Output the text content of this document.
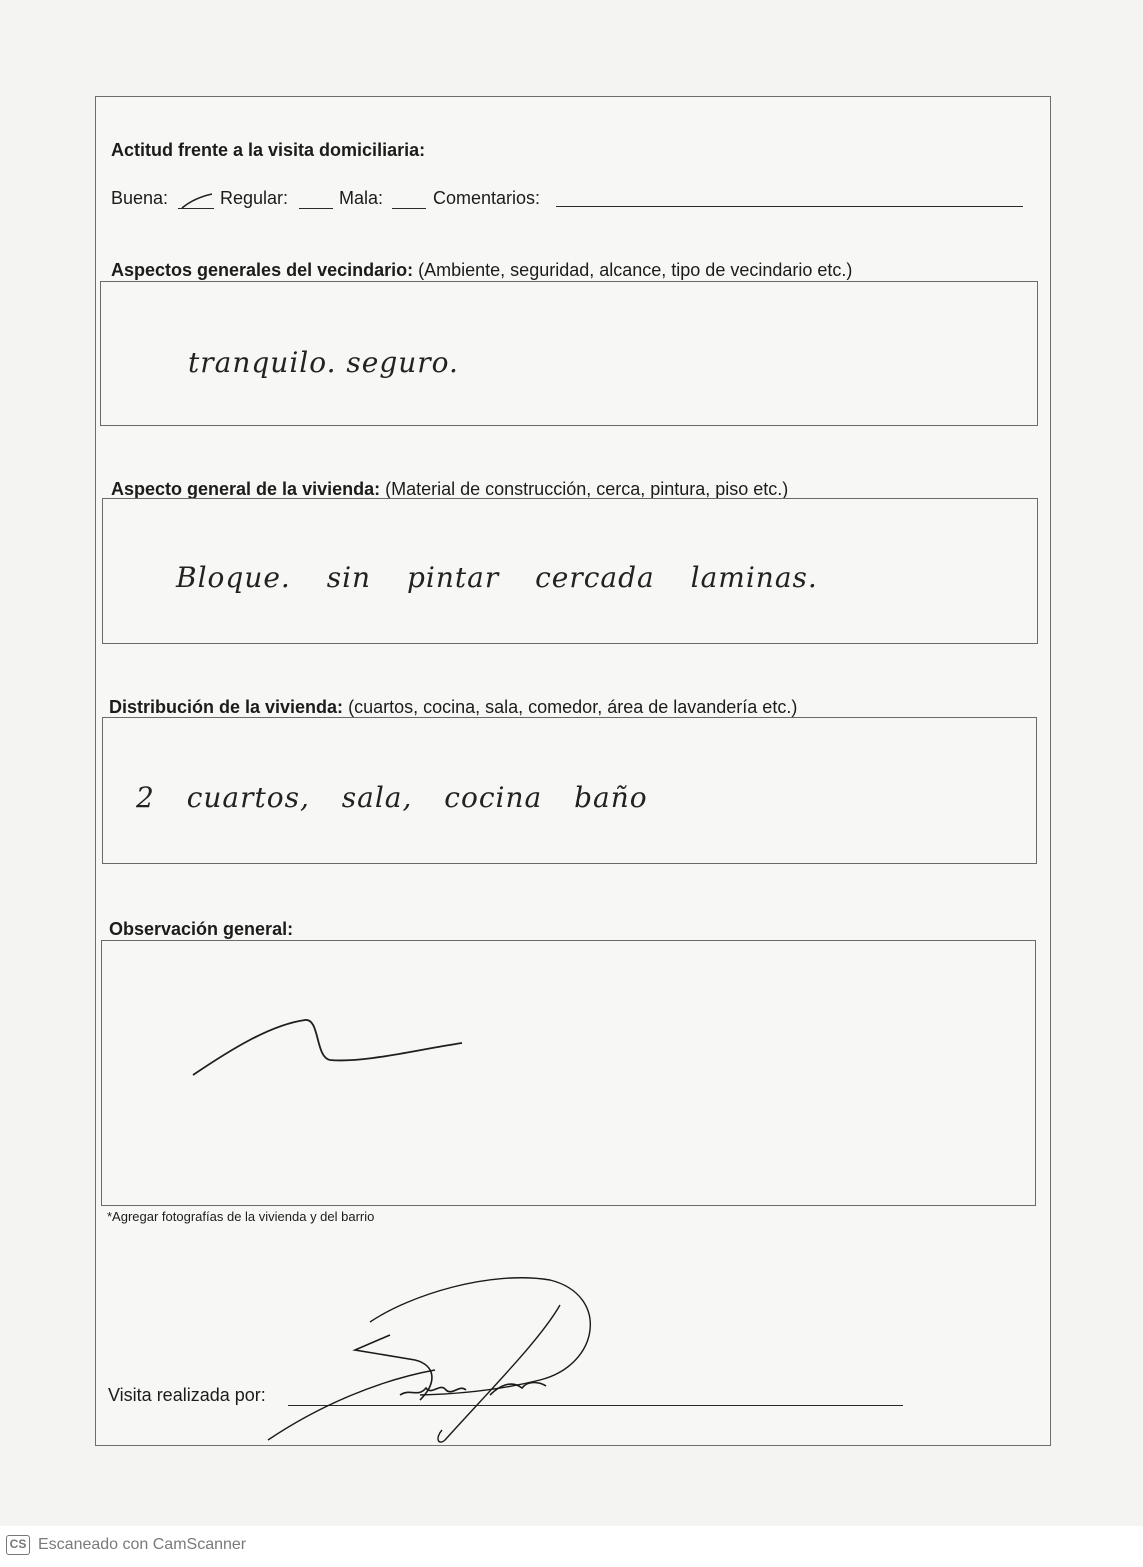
Actitud frente a la visita domiciliaria:
Buena:	Regular:	Mala:	Comentarios:
Aspectos generales del vecindario: (Ambiente, seguridad, alcance, tipo de vecindario etc.)
tranquilo. seguro.
Aspecto general de la vivienda: (Material de construcción, cerca, pintura, piso etc.)
Bloque. sin pintar cercada laminas.
Distribución de la vivienda: (cuartos, cocina, sala, comedor, área de lavandería etc.)
2 cuartos, sala, cocina baño
Observación general:
*Agregar fotografías de la vivienda y del barrio
Visita realizada por:
CS Escaneado con CamScanner
